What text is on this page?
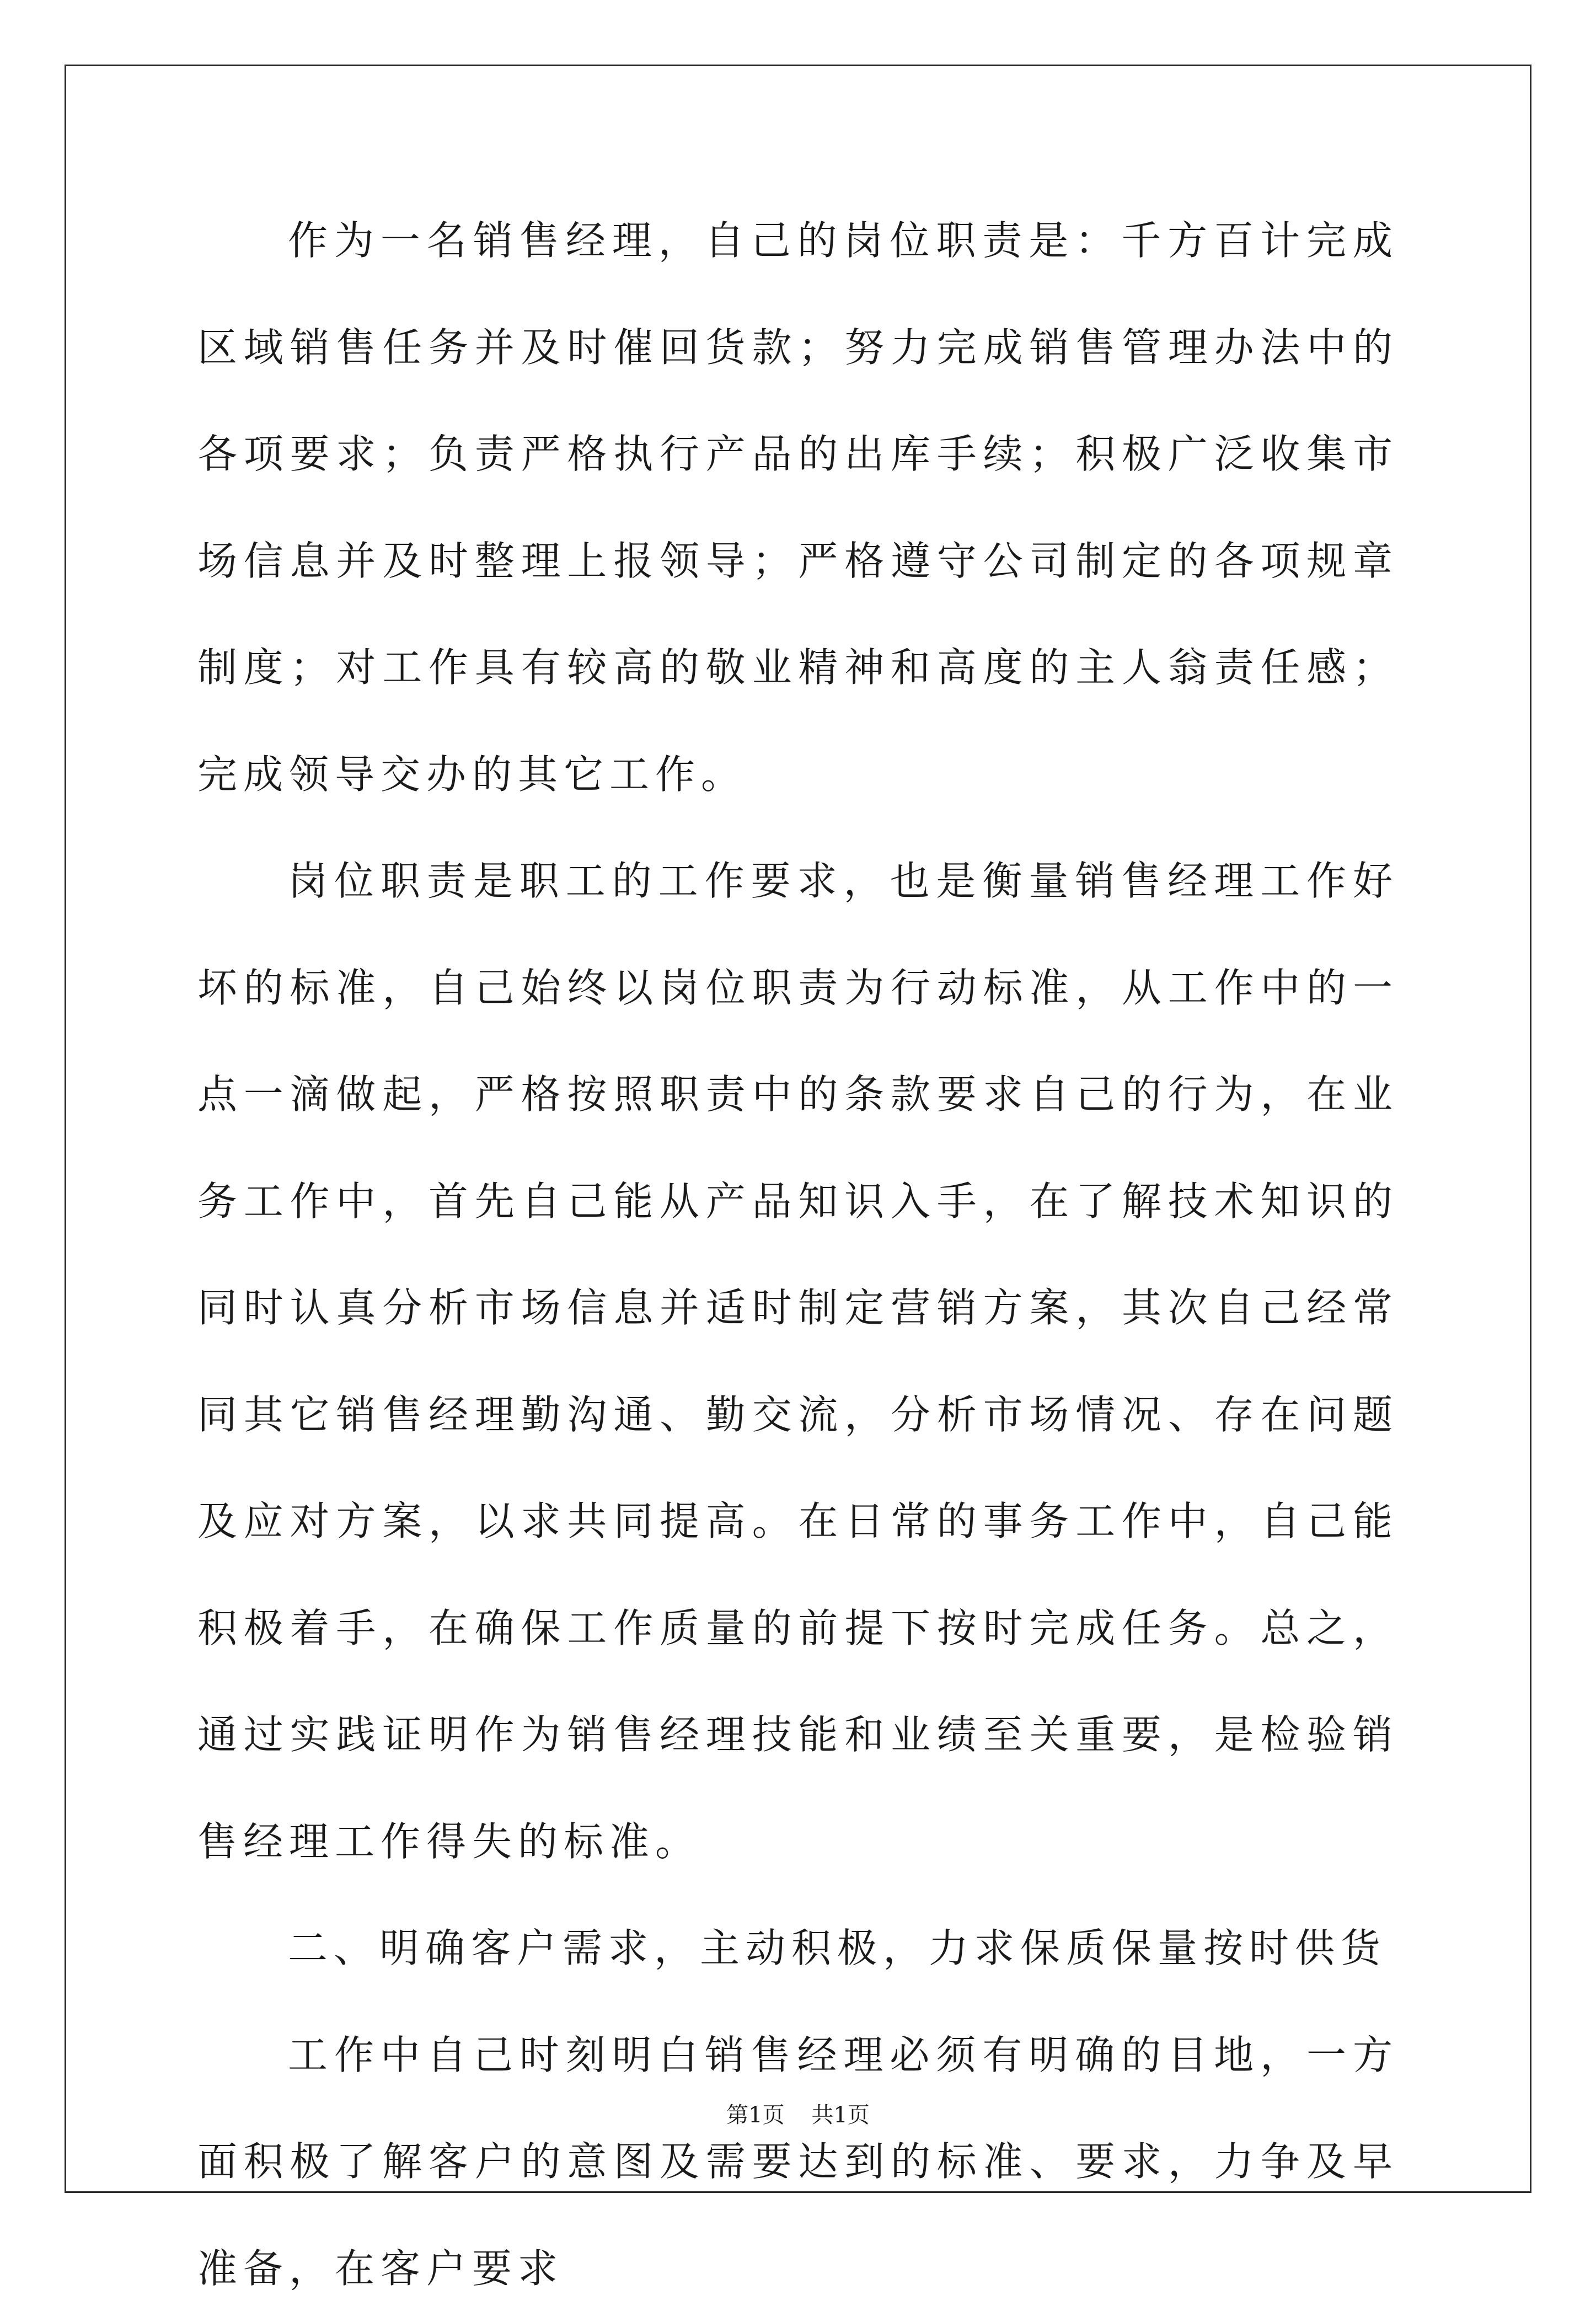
作为一名销售经理，自己的岗位职责是：千方百计完成区域销售任务并及时催回货款；努力完成销售管理办法中的各项要求；负责严格执行产品的出库手续；积极广泛收集市场信息并及时整理上报领导；严格遵守公司制定的各项规章制度；对工作具有较高的敬业精神和高度的主人翁责任感；完成领导交办的其它工作。

岗位职责是职工的工作要求，也是衡量销售经理工作好坏的标准，自己始终以岗位职责为行动标准，从工作中的一点一滴做起，严格按照职责中的条款要求自己的行为，在业务工作中，首先自己能从产品知识入手，在了解技术知识的同时认真分析市场信息并适时制定营销方案，其次自己经常同其它销售经理勤沟通、勤交流，分析市场情况、存在问题及应对方案，以求共同提高。在日常的事务工作中，自己能积极着手，在确保工作质量的前提下按时完成任务。总之，通过实践证明作为销售经理技能和业绩至关重要，是检验销售经理工作得失的标准。

二、明确客户需求，主动积极，力求保质保量按时供货

工作中自己时刻明白销售经理必须有明确的目地，一方面积极了解客户的意图及需要达到的标准、要求，力争及早准备，在客户要求

第1页 共1页
